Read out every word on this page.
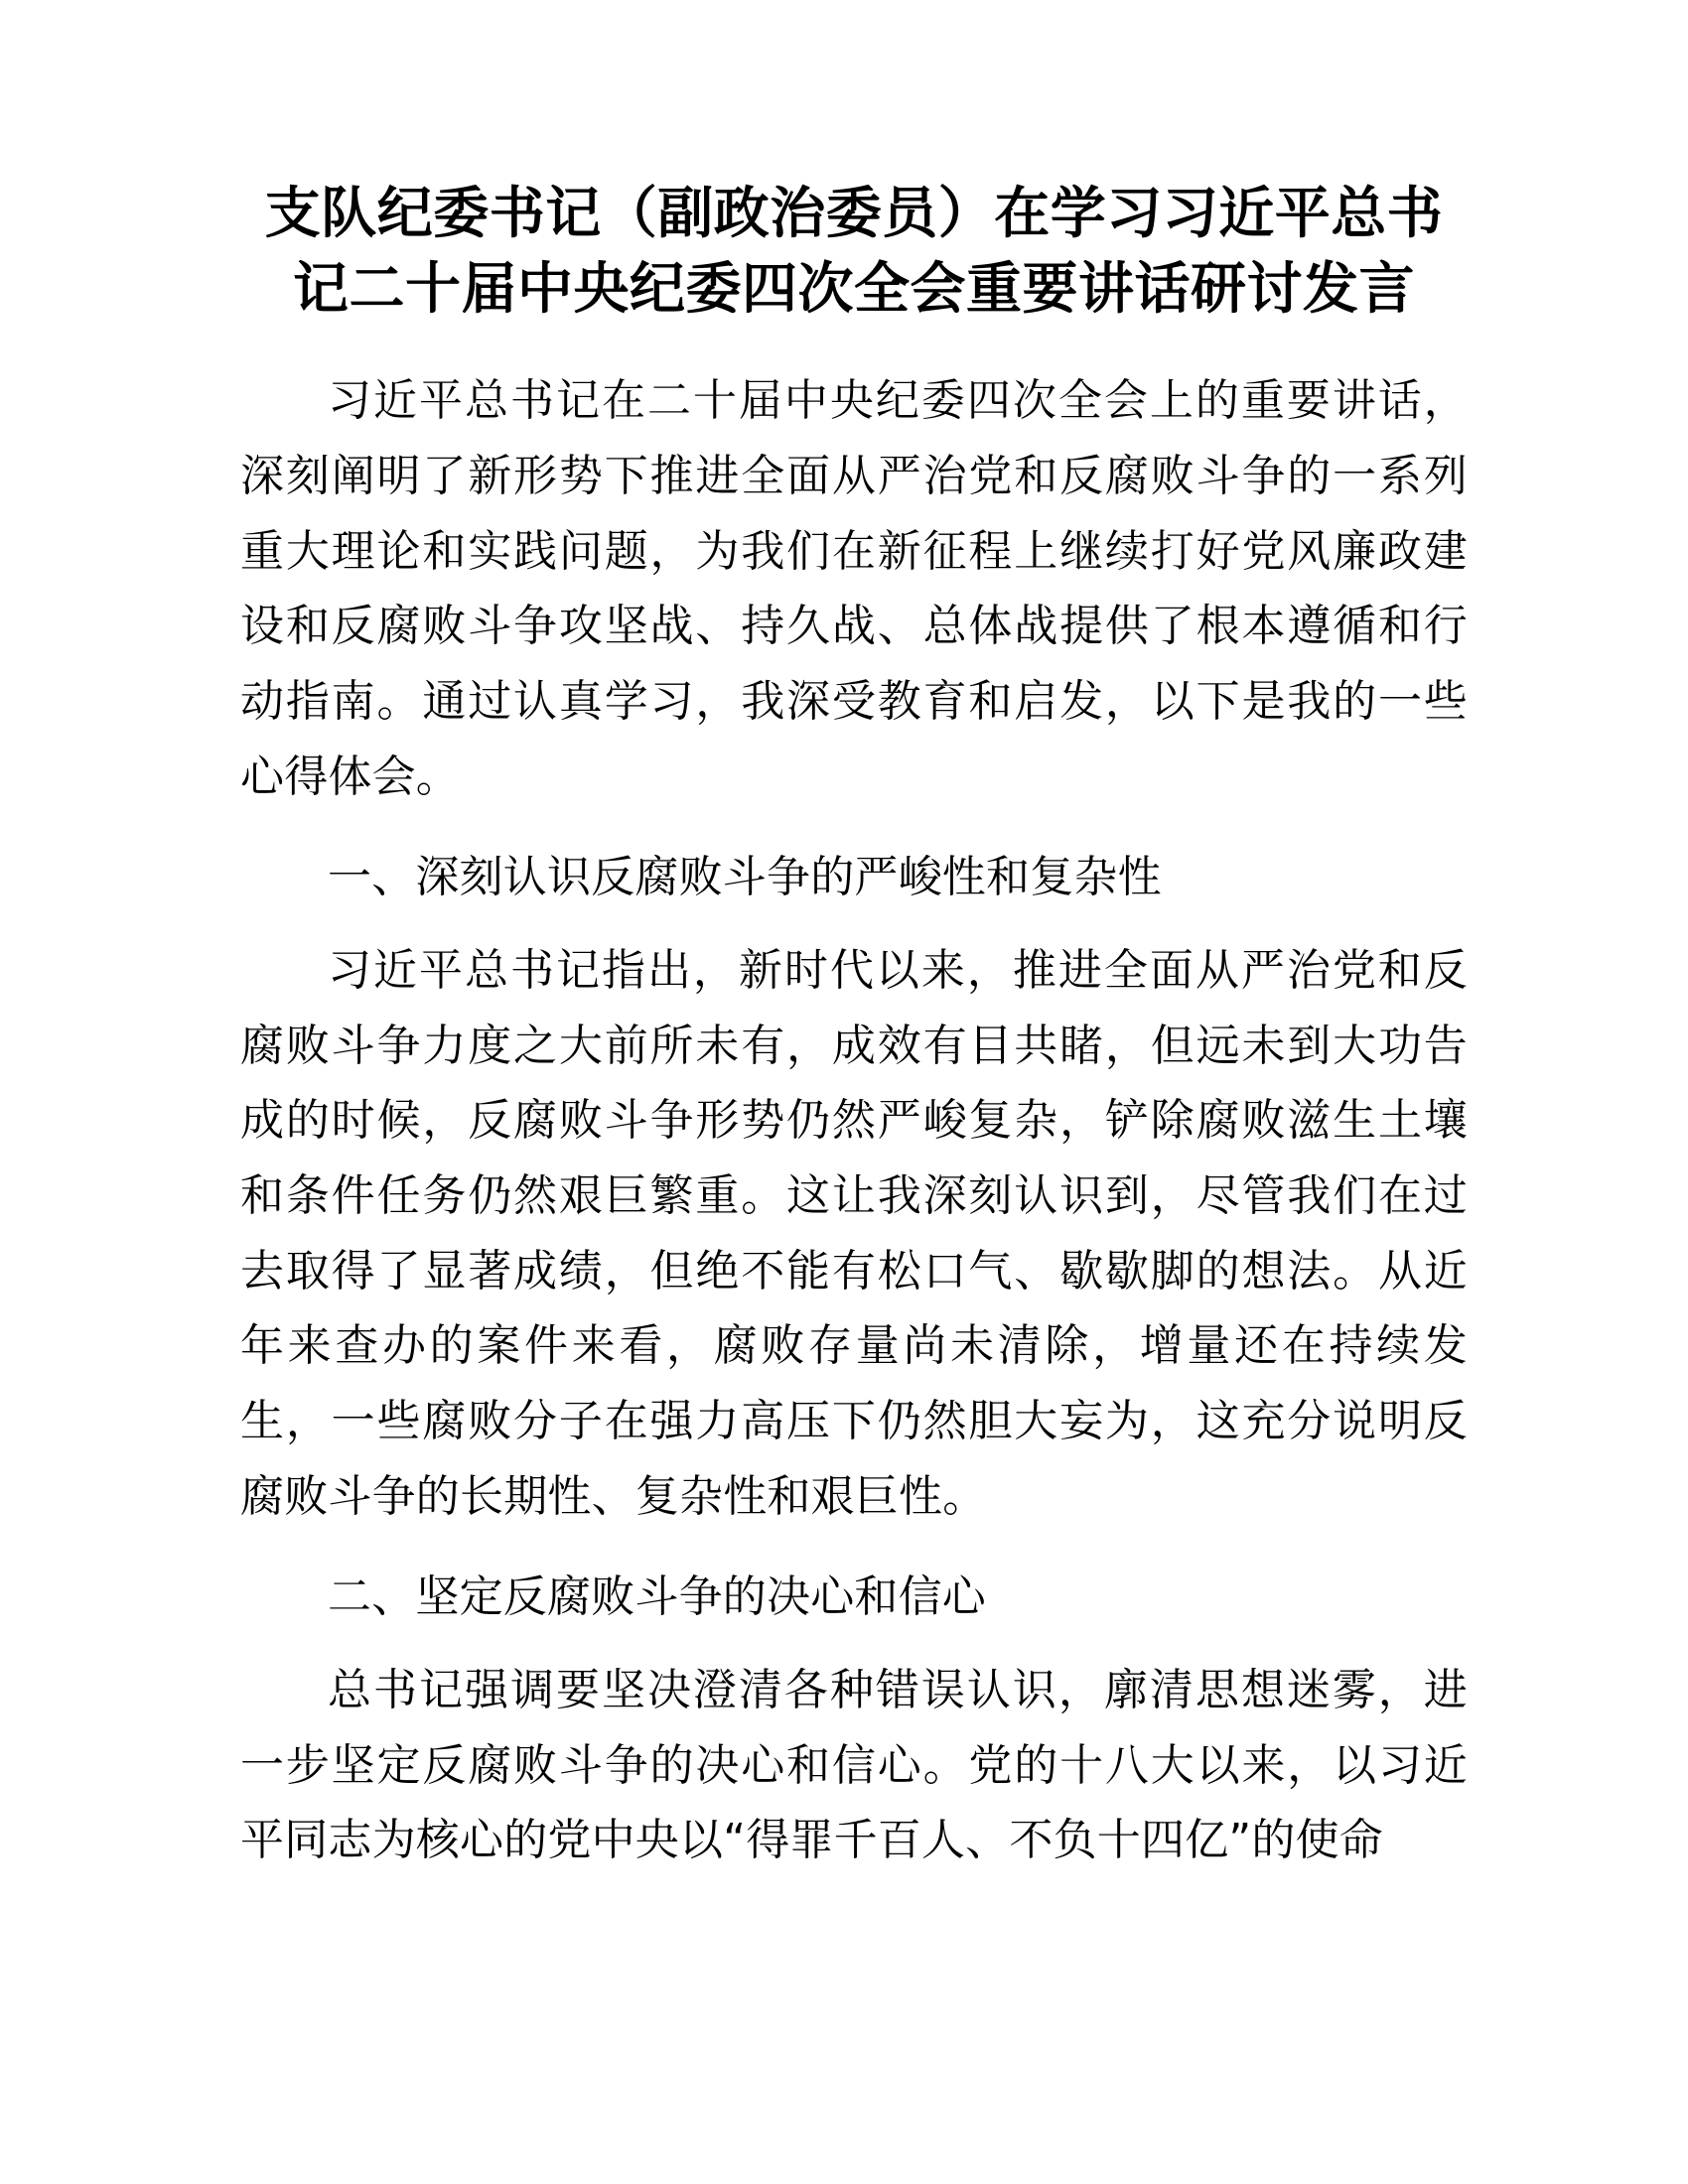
支队纪委书记（副政治委员）在学习习近平总书记二十届中央纪委四次全会重要讲话研讨发言

习近平总书记在二十届中央纪委四次全会上的重要讲话，深刻阐明了新形势下推进全面从严治党和反腐败斗争的一系列重大理论和实践问题，为我们在新征程上继续打好党风廉政建设和反腐败斗争攻坚战、持久战、总体战提供了根本遵循和行动指南。通过认真学习，我深受教育和启发，以下是我的一些心得体会。

一、深刻认识反腐败斗争的严峻性和复杂性

习近平总书记指出，新时代以来，推进全面从严治党和反腐败斗争力度之大前所未有，成效有目共睹，但远未到大功告成的时候，反腐败斗争形势仍然严峻复杂，铲除腐败滋生土壤和条件任务仍然艰巨繁重。这让我深刻认识到，尽管我们在过去取得了显著成绩，但绝不能有松口气、歇歇脚的想法。从近年来查办的案件来看，腐败存量尚未清除，增量还在持续发生，一些腐败分子在强力高压下仍然胆大妄为，这充分说明反腐败斗争的长期性、复杂性和艰巨性。

二、坚定反腐败斗争的决心和信心

总书记强调要坚决澄清各种错误认识，廓清思想迷雾，进一步坚定反腐败斗争的决心和信心。党的十八大以来，以习近平同志为核心的党中央以“得罪千百人、不负十四亿”的使命
